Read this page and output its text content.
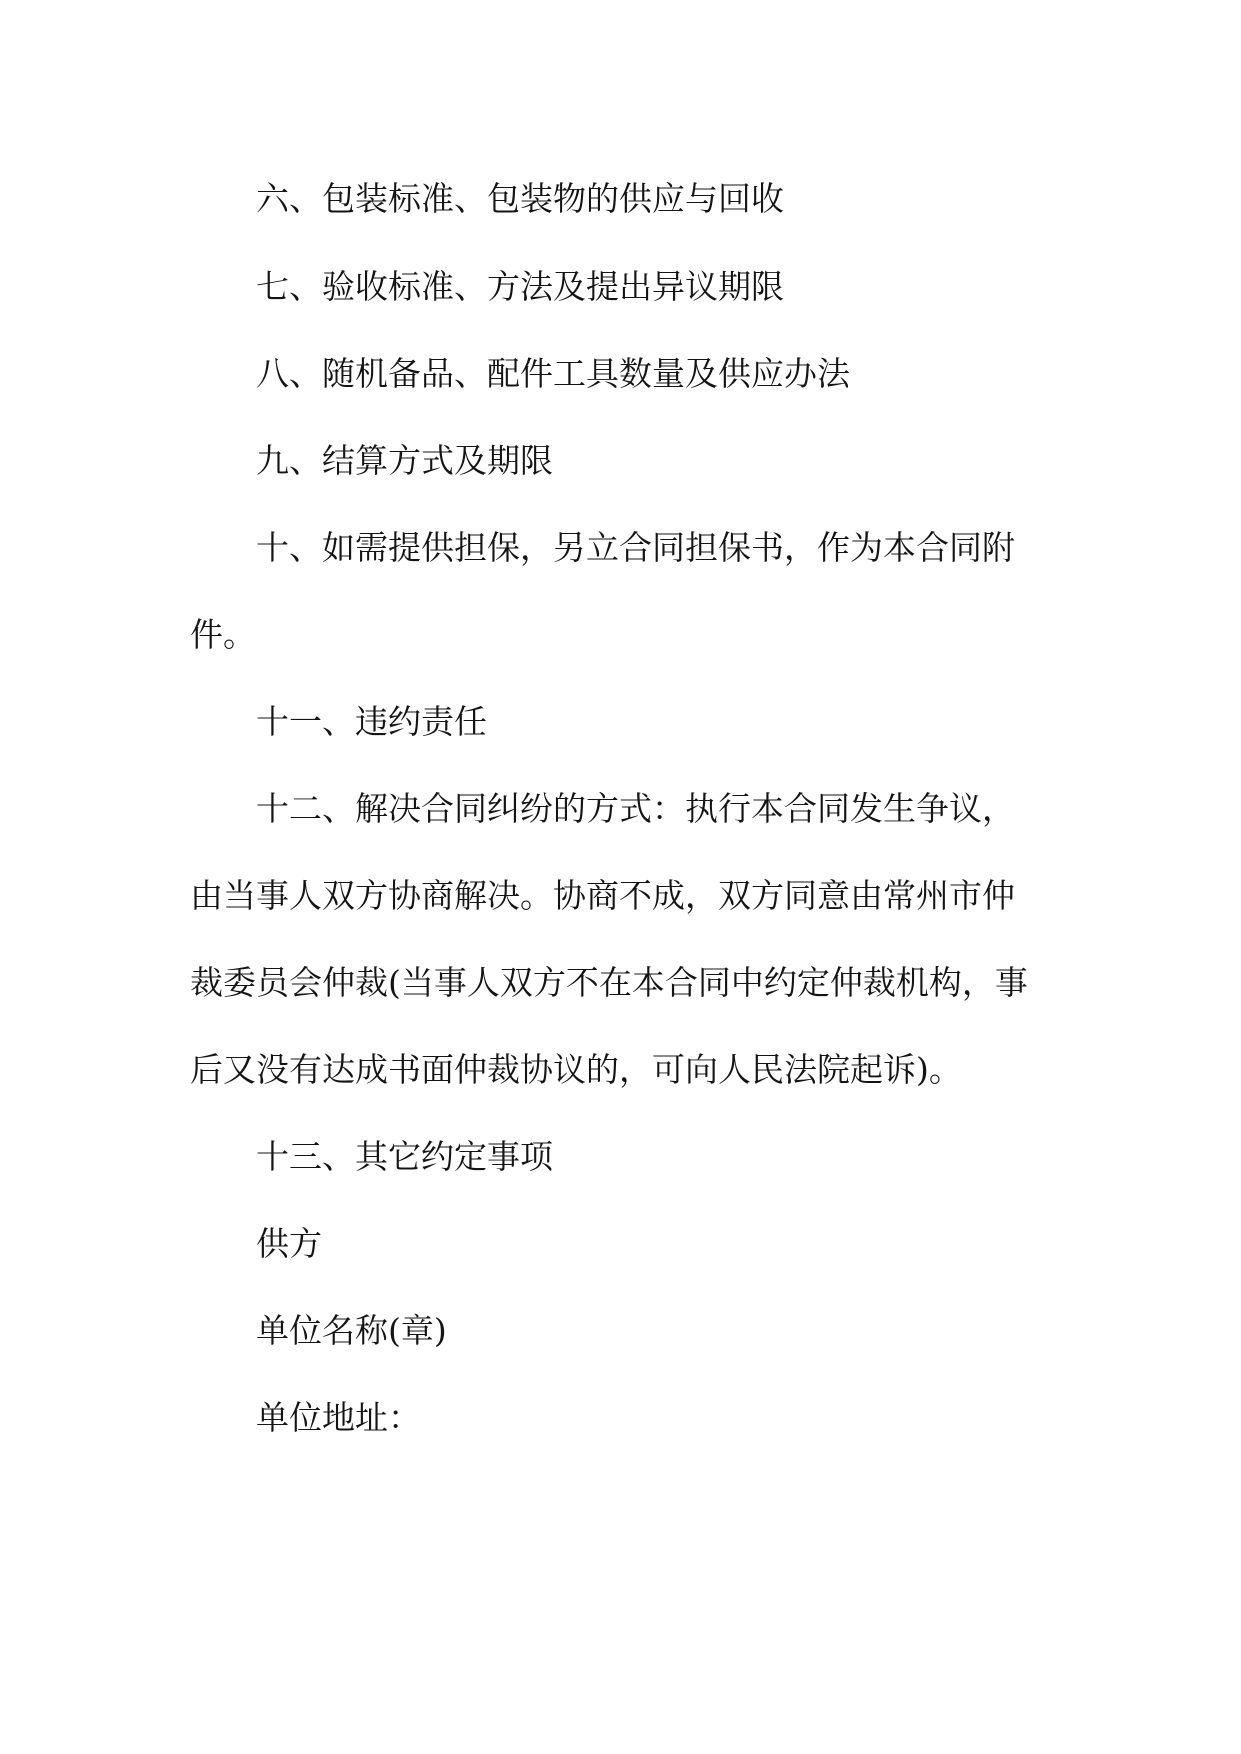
六、包装标准、包装物的供应与回收

七、验收标准、方法及提出异议期限

八、随机备品、配件工具数量及供应办法

九、结算方式及期限

十、如需提供担保，另立合同担保书，作为本合同附
件。

十一、违约责任

十二、解决合同纠纷的方式：执行本合同发生争议，
由当事人双方协商解决。协商不成，双方同意由常州市仲
裁委员会仲裁(当事人双方不在本合同中约定仲裁机构，事
后又没有达成书面仲裁协议的，可向人民法院起诉)。

十三、其它约定事项

供方

单位名称(章)

单位地址：
